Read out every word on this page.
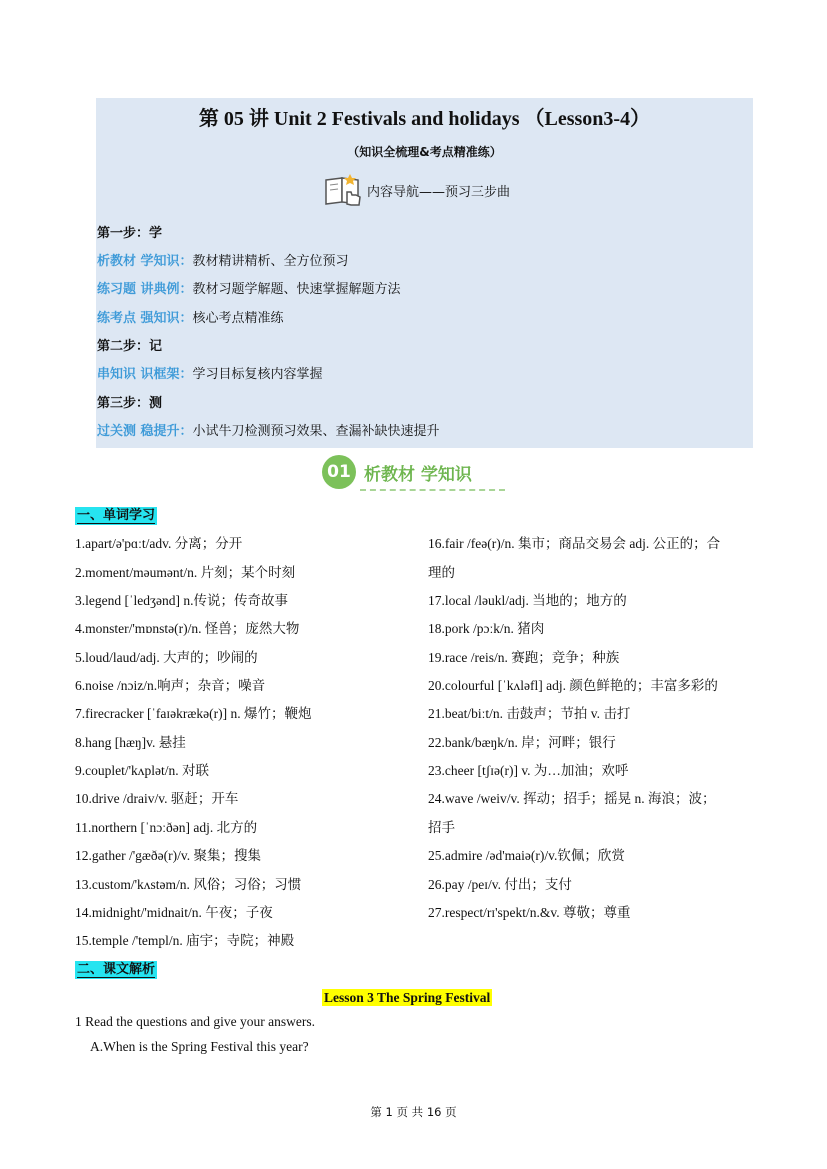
第 05 讲 Unit 2 Festivals and holidays （Lesson3-4）
（知识全梳理&考点精准练）
内容导航——预习三步曲
第一步：学
析教材 学知识：教材精讲精析、全方位预习
练习题 讲典例：教材习题学解题、快速掌握解题方法
练考点 强知识：核心考点精准练
第二步：记
串知识 识框架：学习目标复核内容掌握
第三步：测
过关测 稳提升：小试牛刀检测预习效果、查漏补缺快速提升
01 析教材 学知识
一、单词学习
1.apart/ə'pɑːt/adv. 分离；分开
2.moment/məumənt/n. 片刻；某个时刻
3.legend [ˈledʒənd] n.传说；传奇故事
4.monster/'mɒnstə(r)/n. 怪兽；庞然大物
5.loud/laud/adj. 大声的；吵闹的
6.noise /nɔiz/n.响声；杂音；噪音
7.firecracker [ˈfaɪəkrækə(r)] n. 爆竹；鞭炮
8.hang [hæŋ]v. 悬挂
9.couplet/'kʌplət/n. 对联
10.drive /draiv/v. 驱赶；开车
11.northern [ˈnɔːðən] adj. 北方的
12.gather /'gæðə(r)/v. 聚集；搜集
13.custom/'kʌstəm/n. 风俗；习俗；习惯
14.midnight/'midnait/n. 午夜；子夜
15.temple /'templ/n. 庙宇；寺院；神殿
16.fair /feə(r)/n. 集市；商品交易会 adj. 公正的；合
理的
17.local /ləukl/adj. 当地的；地方的
18.pork /pɔːk/n. 猪肉
19.race /reis/n. 赛跑；竞争；种族
20.colourful [ˈkʌləfl] adj. 颜色鲜艳的；丰富多彩的
21.beat/biːt/n. 击鼓声；节拍 v. 击打
22.bank/bæŋk/n. 岸；河畔；银行
23.cheer [tʃɪə(r)] v. 为…加油；欢呼
24.wave /weiv/v. 挥动；招手；摇晃 n. 海浪；波；
招手
25.admire /əd'maiə(r)/v.钦佩；欣赏
26.pay /peɪ/v. 付出；支付
27.respect/rɪ'spekt/n.&v. 尊敬；尊重
二、课文解析
Lesson 3 The Spring Festival
1 Read the questions and give your answers.
A.When is the Spring Festival this year?
第 1 页 共 16 页
